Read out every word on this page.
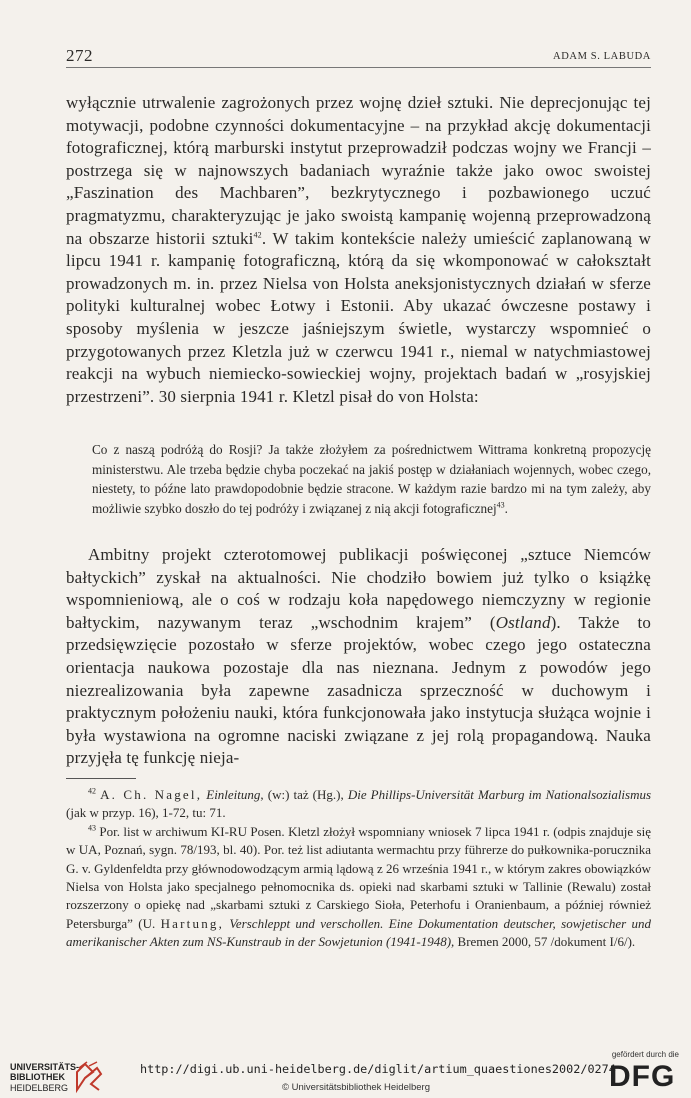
272	ADAM S. LABUDA
wyłącznie utrwalenie zagrożonych przez wojnę dzieł sztuki. Nie deprecjonując tej motywacji, podobne czynności dokumentacyjne – na przykład akcję dokumentacji fotograficznej, którą marburski instytut przeprowadził podczas wojny we Francji – postrzega się w najnowszych badaniach wyraźnie także jako owoc swoistej „Faszination des Machbaren”, bezkrytycznego i pozbawionego uczuć pragmatyzmu, charakteryzując je jako swoistą kampanię wojenną przeprowadzoną na obszarze historii sztuki$^{42}$. W takim kontekście należy umieścić zaplanowaną w lipcu 1941 r. kampanię fotograficzną, którą da się wkomponować w całokształt prowadzonych m. in. przez Nielsa von Holsta aneksjonistycznych działań w sferze polityki kulturalnej wobec Łotwy i Estonii. Aby ukazać ówczesne postawy i sposoby myślenia w jeszcze jaśniejszym świetle, wystarczy wspomnieć o przygotowanych przez Kletzla już w czerwcu 1941 r., niemal w natychmiastowej reakcji na wybuch niemiecko-sowieckiej wojny, projektach badań w „rosyjskiej przestrzeni”. 30 sierpnia 1941 r. Kletzl pisał do von Holsta:
Co z naszą podróżą do Rosji? Ja także złożyłem za pośrednictwem Wittrama konkretną propozycję ministerstwu. Ale trzeba będzie chyba poczekać na jakiś postęp w działaniach wojennych, wobec czego, niestety, to późne lato prawdopodobnie będzie stracone. W każdym razie bardzo mi na tym zależy, aby możliwie szybko doszło do tej podróży i związanej z nią akcji fotograficznej$^{43}$.
Ambitny projekt czterotomowej publikacji poświęconej „sztuce Niemców bałtyckich” zyskał na aktualności. Nie chodziło bowiem już tylko o książkę wspomnieniową, ale o coś w rodzaju koła napędowego niemczyzny w regionie bałtyckim, nazywanym teraz „wschodnim krajem” (Ostland). Także to przedsięwzięcie pozostało w sferze projektów, wobec czego jego ostateczna orientacja naukowa pozostaje dla nas nieznana. Jednym z powodów jego niezrealizowania była zapewne zasadnicza sprzeczność w duchowym i praktycznym położeniu nauki, która funkcjonowała jako instytucja służąca wojnie i była wystawiona na ogromne naciski związane z jej rolą propagandową. Nauka przyjęła tę funkcję nieja-

$^{42}$ A. Ch. Nagel, Einleitung, (w:) taż (Hg.), Die Phillips-Universität Marburg im Nationalsozialismus (jak w przyp. 16), 1-72, tu: 71.

$^{43}$ Por. list w archiwum KI-RU Posen. Kletzl złożył wspomniany wniosek 7 lipca 1941 r. (odpis znajduje się w UA, Poznań, sygn. 78/193, bl. 40). Por. też list adiutanta wermachtu przy führerze do pułkownika-porucznika G. v. Gyldenfeldta przy głównodowodzącym armią lądową z 26 września 1941 r., w którym zakres obowiązków Nielsa von Holsta jako specjalnego pełnomocnika ds. opieki nad skarbami sztuki w Tallinie (Rewalu) został rozszerzony o opiekę nad „skarbami sztuki z Carskiego Sioła, Peterhofu i Oranienbaum, a później również Petersburga” (U. Hartung, Verschleppt und verschollen. Eine Dokumentation deutscher, sowjetischer und amerikanischer Akten zum NS-Kunstraub in der Sowjetunion (1941-1948), Bremen 2000, 57 /dokument I/6/).

UNIVERSITÄTS-
BIBLIOTHEK
HEIDELBERG
http://digi.ub.uni-heidelberg.de/diglit/artium_quaestiones2002/0274
© Universitätsbibliothek Heidelberg
gefördert durch die
DFG
